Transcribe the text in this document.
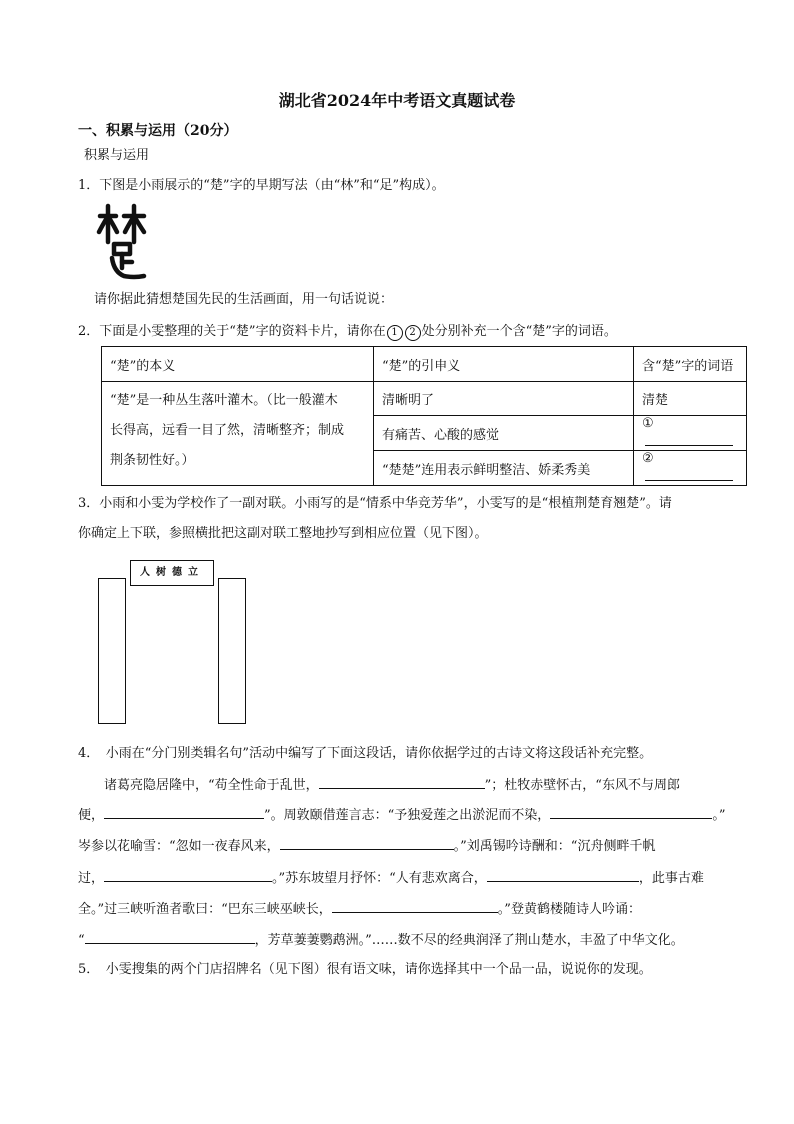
湖北省2024年中考语文真题试卷
一、积累与运用（20分）
积累与运用
1．下图是小雨展示的“楚”字的早期写法（由“林”和“足”构成）。
请你据此猜想楚国先民的生活画面，用一句话说说：
2．下面是小雯整理的关于“楚”字的资料卡片，请你在 1 2 处分别补充一个含“楚”字的词语。
“楚”的本义	“楚”的引申义	含“楚”字的词语

“楚”是一种丛生落叶灌木。（比一般灌木
长得高，远看一目了然，清晰整齐；制成
荆条韧性好。）	清晰明了	清楚
	有痛苦、心酸的感觉	①
	“楚楚”连用表示鲜明整洁、娇柔秀美	②
3．小雨和小雯为学校作了一副对联。小雨写的是“情系中华竞芳华”，小雯写的是“根植荆楚育翘楚”。请
你确定上下联，参照横批把这副对联工整地抄写到相应位置（见下图）。
人树德立
4．　小雨在“分门别类辑名句”活动中编写了下面这段话，请你依据学过的古诗文将这段话补充完整。
诸葛亮隐居隆中，“苟全性命于乱世，	”；杜牧赤壁怀古，“东风不与周郎
便，	”。周敦颐借莲言志：“予独爱莲之出淤泥而不染，	。”
岑参以花喻雪：“忽如一夜春风来，	。”刘禹锡吟诗酬和：“沉舟侧畔千帆
过，	。”苏东坡望月抒怀：“人有悲欢离合，	，此事古难
全。”过三峡听渔者歌曰：“巴东三峡巫峡长，	。”登黄鹤楼随诗人吟诵：
“	，芳草萋萋鹦鹉洲。”……数不尽的经典润泽了荆山楚水，丰盈了中华文化。
5．　小雯搜集的两个门店招牌名（见下图）很有语文味，请你选择其中一个品一品，说说你的发现。
